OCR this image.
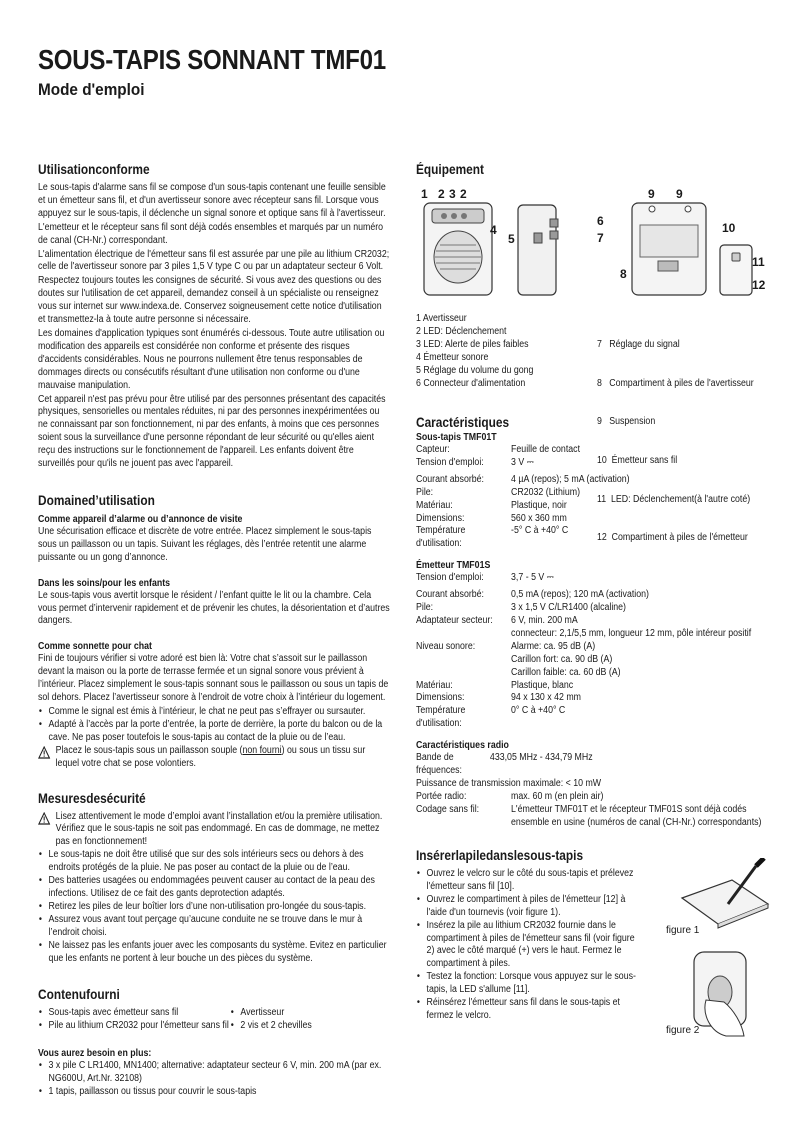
SOUS-TAPIS SONNANT TMF01
Mode d'emploi
Utilisationconforme

Le sous-tapis d'alarme sans fil se compose d'un sous-tapis contenant une feuille sensible et un émetteur sans fil, et d'un avertisseur sonore avec récepteur sans fil. Lorsque vous appuyez sur le sous-tapis, il déclenche un signal sonore et optique sans fil à l'avertisseur.

L'emetteur et le récepteur sans fil sont déjà codés ensembles et marqués par un numéro de canal (CH-Nr.) correspondant.

L'alimentation électrique de l'émetteur sans fil est assurée par une pile au lithium CR2032; celle de l'avertisseur sonore par 3 piles 1,5 V type C ou par un adaptateur secteur 6 Volt.

Respectez toujours toutes les consignes de sécurité. Si vous avez des questions ou des doutes sur l'utilisation de cet appareil, demandez conseil à un spécialiste ou renseignez vous sur internet sur www.indexa.de. Conservez soigneusement cette notice d'utilisation et transmettez-la à toute autre personne si nécessaire.

Les domaines d'application typiques sont énumérés ci-dessous. Toute autre utilisation ou modification des appareils est considérée non conforme et présente des risques d'accidents considérables. Nous ne pourrons nullement être tenus responsables de dommages directs ou consécutifs résultant d'une utilisation non conforme ou d'une mauvaise manipulation.

Cet appareil n'est pas prévu pour être utilisé par des personnes présentant des capacités physiques, sensorielles ou mentales réduites, ni par des personnes inexpérimentées ou ne connaissant par son fonctionnement, ni par des enfants, à moins que ces personnes soient sous la surveillance d'une personne répondant de leur sécurité ou qu'elles aient reçu des instructions sur le fonctionnement de l'appareil. Les enfants doivent être surveillés pour qu'ils ne jouent pas avec l'appareil.

Domained’utilisation
Comme appareil d’alarme ou d’annonce de visite

Une sécurisation efficace et discrète de votre entrée. Placez simplement le sous-tapis sous un paillasson ou un tapis. Suivant les réglages, dès l’entrée retentit une alarme puissante ou un gong d’annonce.

Dans les soins/pour les enfants

Le sous-tapis vous avertit lorsque le résident / l’enfant quitte le lit ou la chambre. Cela vous permet d’intervenir rapidement et de prévenir les chutes, la désorientation et d’autres dangers.

Comme sonnette pour chat

Fini de toujours vérifier si votre adoré est bien là: Votre chat s’assoit sur le paillasson devant la maison ou la porte de terrasse fermée et un signal sonore vous prévient à l’intérieur. Placez simplement le sous-tapis sonnant sous le paillasson ou sous un tapis de sol dehors. Placez l’avertisseur sonore à l’endroit de votre choix à l’intérieur du logement.

• Comme le signal est émis à l’intérieur, le chat ne peut pas s’effrayer ou sursauter.
• Adapté à l’accès par la porte d’entrée, la porte de derrière, la porte du balcon ou de la cave. Ne pas poser toutefois le sous-tapis au contact de la pluie ou de l’eau.
Placez le sous-tapis sous un paillasson souple (non fourni) ou sous un tissu sur lequel votre chat se pose volontiers.
Mesuresdesécurité
Lisez attentivement le mode d’emploi avant l’installation et/ou la première utilisation. Vérifiez que le sous-tapis ne soit pas endommagé. En cas de dommage, ne mettez pas en fonctionnement!
• Le sous-tapis ne doit être utilisé que sur des sols intérieurs secs ou dehors à des endroits protégés de la pluie. Ne pas poser au contact de la pluie ou de l’eau.
• Des batteries usagées ou endommagées peuvent causer au contact de la peau des infections. Utilisez de ce fait des gants deprotection adaptés.
• Retirez les piles de leur boîtier lors d’une non-utilisation pro-longée du sous-tapis.
• Assurez vous avant tout perçage qu’aucune conduite ne se trouve dans le mur à l’endroit choisi.
• Ne laissez pas les enfants jouer avec les composants du système. Evitez en particulier que les enfants ne portent à leur bouche un des pièces du système.
Contenufourni
• Sous-tapis avec émetteur sans fil
• Pile au lithium CR2032 pour l'émetteur sans fil
• Avertisseur
• 2 vis et 2 chevilles
Vous aurez besoin en plus:
• 3 x pile C LR1400, MN1400; alternative: adaptateur secteur 6 V, min. 200 mA (par ex. NG600U, Art.Nr. 32108)
• 1 tapis, paillasson ou tissus pour couvrir le sous-tapis
Équipement
1 2 3 2
4
5
6
7
8
9 9
10
11
12
1 Avertisseur
2 LED: Déclenchement
3 LED: Alerte de piles faibles
4 Émetteur sonore
5 Réglage du volume du gong
6 Connecteur d'alimentation

7   Réglage du signal

8   Compartiment à piles de l'avertisseur

9   Suspension

10  Émetteur sans fil

11  LED: Déclenchement(à l'autre coté)

12  Compartiment à piles de l'émetteur

Caractéristiques
Sous-tapis TMF01T
Capteur:	Feuille de contact
Tension d'emploi:	3 V ⎓
Courant absorbé:	4 µA (repos); 5 mA (activation)
Pile:	CR2032 (Lithium)
Matériau:	Plastique, noir
Dimensions:	560 x 360 mm
Température d'utilisation:
-5° C à +40° C
Émetteur TMF01S
Tension d'emploi:	3,7 - 5 V ⎓
Courant absorbé:	0,5 mA (repos); 120 mA (activation)
Pile:	3 x 1,5 V C/LR1400 (alcaline)
Adaptateur secteur:	6 V, min. 200 mA
connecteur: 2,1/5,5 mm, longueur 12 mm, pôle intéreur positif
Niveau sonore:	Alarme: ca. 95 dB (A)
Carillon fort: ca. 90 dB (A)
Carillon faible: ca. 60 dB (A)
Matériau:	Plastique, blanc
Dimensions:	94 x 130 x 42 mm
Température d'utilisation:
0° C à +40° C
Caractéristiques radio
Bande de fréquences:
433,05 MHz - 434,79 MHz
Puissance de transmission maximale: < 10 mW
Portée radio:	max. 60 m (en plein air)
Codage sans fil:	L'émetteur TMF01T et le récepteur TMF01S sont déjà codés ensemble en usine (numéros de canal (CH-Nr.) correspondants)
Insérerlapiledanslesous-tapis
• Ouvrez le velcro sur le côté du sous-tapis et prélevez l'émetteur sans fil [10].
• Ouvrez le compartiment à piles de l'émetteur [12] à l'aide d'un tournevis (voir figure 1).
• Insérez la pile au lithium CR2032 fournie dans le compartiment à piles de l'émetteur sans fil (voir figure 2) avec le côté marqué (+) vers le haut. Fermez le compartiment à piles.
• Testez la fonction: Lorsque vous appuyez sur le sous-tapis, la LED s'allume [11].
• Réinsérez l'émetteur sans fil dans le sous-tapis et fermez le velcro.
figure 1
figure 2
